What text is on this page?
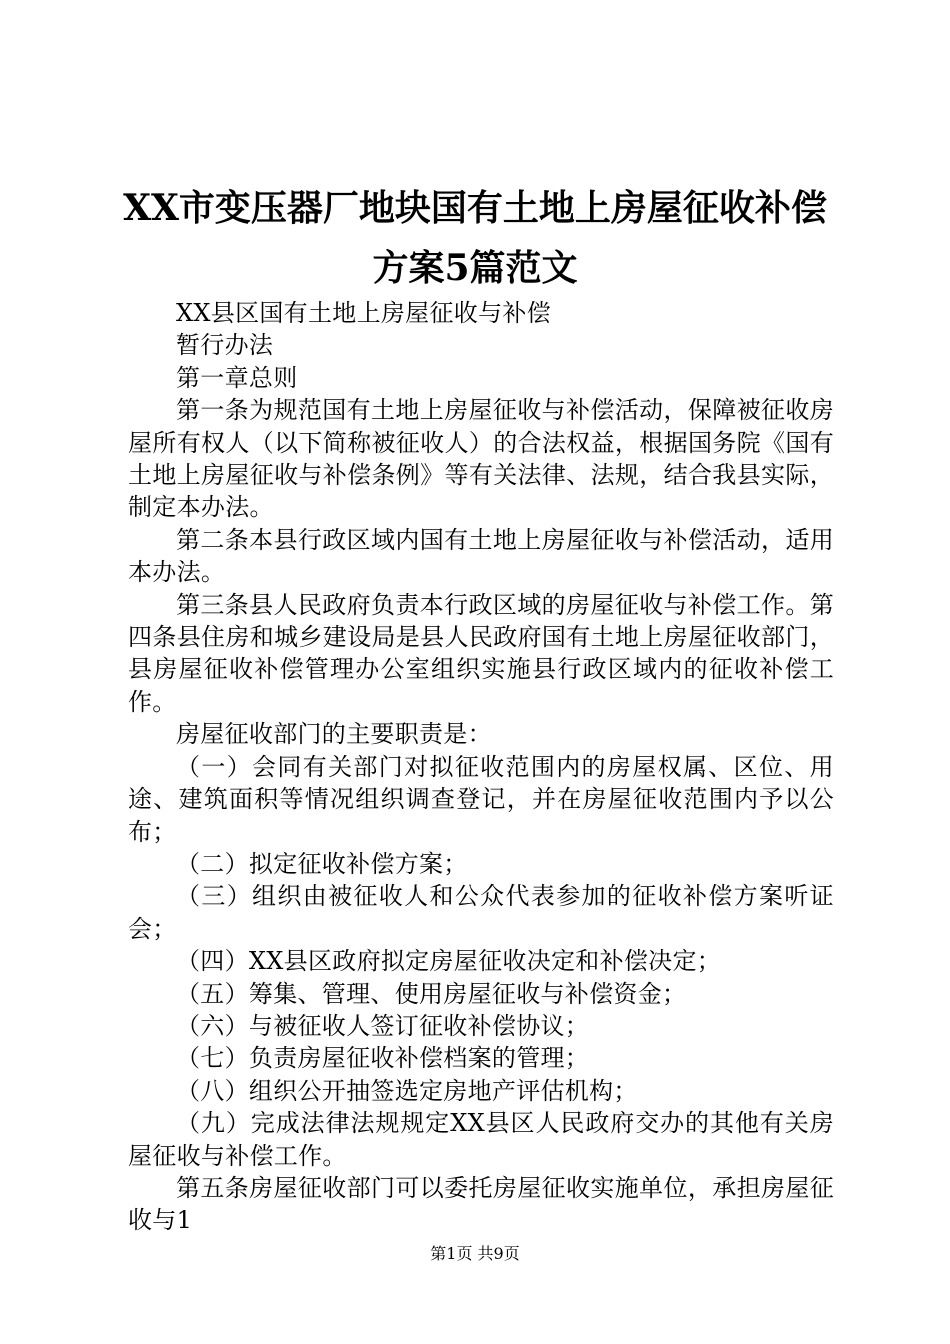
XX市变压器厂地块国有土地上房屋征收补偿
方案5篇范文

XX县区国有土地上房屋征收与补偿

暂行办法

第一章总则

第一条为规范国有土地上房屋征收与补偿活动，保障被征收房屋所有权人（以下简称被征收人）的合法权益，根据国务院《国有土地上房屋征收与补偿条例》等有关法律、法规，结合我县实际，制定本办法。

第二条本县行政区域内国有土地上房屋征收与补偿活动，适用本办法。

第三条县人民政府负责本行政区域的房屋征收与补偿工作。第四条县住房和城乡建设局是县人民政府国有土地上房屋征收部门，县房屋征收补偿管理办公室组织实施县行政区域内的征收补偿工作。

房屋征收部门的主要职责是：

（一）会同有关部门对拟征收范围内的房屋权属、区位、用途、建筑面积等情况组织调查登记，并在房屋征收范围内予以公布；

（二）拟定征收补偿方案；

（三）组织由被征收人和公众代表参加的征收补偿方案听证会；

（四）XX县区政府拟定房屋征收决定和补偿决定；

（五）筹集、管理、使用房屋征收与补偿资金；

（六）与被征收人签订征收补偿协议；

（七）负责房屋征收补偿档案的管理；

（八）组织公开抽签选定房地产评估机构；

（九）完成法律法规规定XX县区人民政府交办的其他有关房屋征收与补偿工作。

第五条房屋征收部门可以委托房屋征收实施单位，承担房屋征收与1

第1页 共9页
